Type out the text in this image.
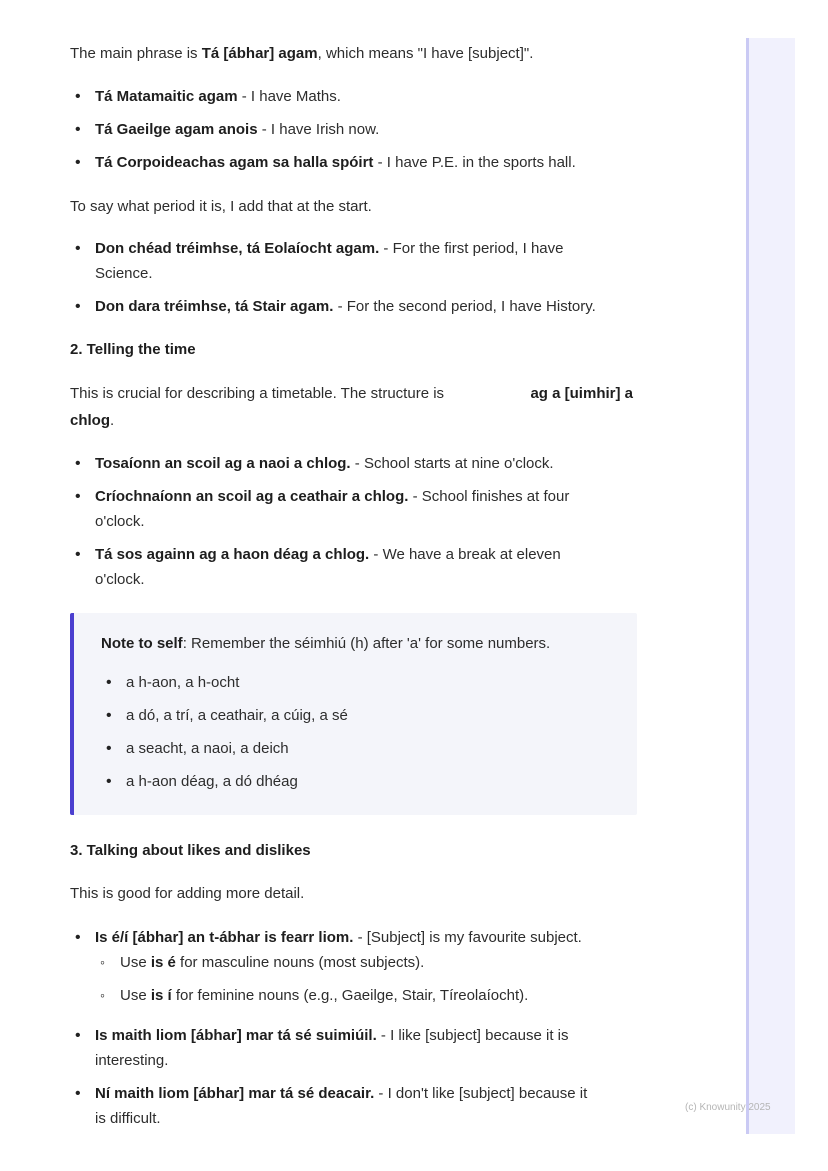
The main phrase is Tá [ábhar] agam, which means "I have [subject]".

• Tá Matamaitic agam - I have Maths.
• Tá Gaeilge agam anois - I have Irish now.
• Tá Corpoideachas agam sa halla spóirt - I have P.E. in the sports hall.

To say what period it is, I add that at the start.

• Don chéad tréimhse, tá Eolaíocht agam. - For the first period, I have
Science.
• Don dara tréimhse, tá Stair agam. - For the second period, I have History.

2. Telling the time

This is crucial for describing a timetable. The structure is	ag a [uimhir] a

chlog.

• Tosaíonn an scoil ag a naoi a chlog. - School starts at nine o'clock.
• Críochnaíonn an scoil ag a ceathair a chlog. - School finishes at four
o'clock.
• Tá sos againn ag a haon déag a chlog. - We have a break at eleven
o'clock.

Note to self: Remember the séimhiú (h) after 'a' for some numbers.

• a h-aon, a h-ocht
• a dó, a trí, a ceathair, a cúig, a sé
• a seacht, a naoi, a deich
• a h-aon déag, a dó dhéag

3. Talking about likes and dislikes

This is good for adding more detail.

• Is é/í [ábhar] an t-ábhar is fearr liom. - [Subject] is my favourite subject.
◦ Use is é for masculine nouns (most subjects).
◦ Use is í for feminine nouns (e.g., Gaeilge, Stair, Tíreolaíocht).
• Is maith liom [ábhar] mar tá sé suimiúil. - I like [subject] because it is
interesting.
• Ní maith liom [ábhar] mar tá sé deacair. - I don't like [subject] because it
is difficult.
(c) Knowunity 2025
